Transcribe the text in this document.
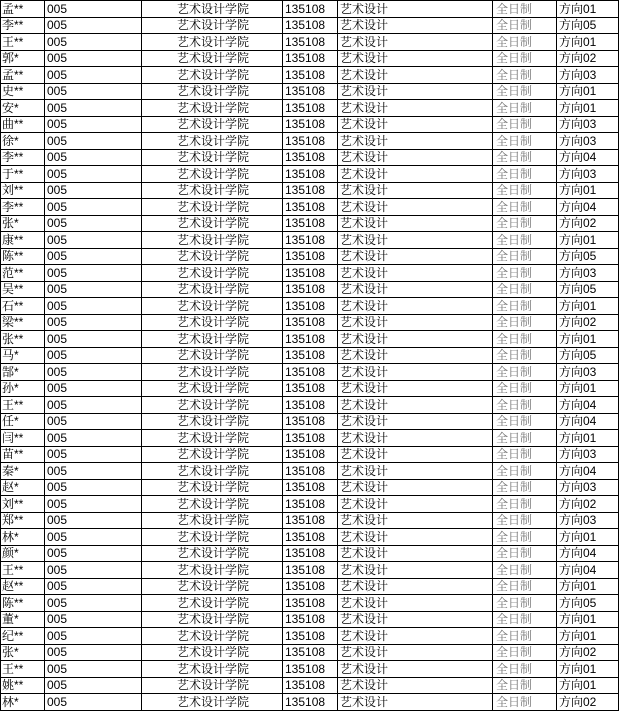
孟**	005	艺术设计学院	135108	艺术设计	全日制	方向01
李**	005	艺术设计学院	135108	艺术设计	全日制	方向05
王**	005	艺术设计学院	135108	艺术设计	全日制	方向01
郭*	005	艺术设计学院	135108	艺术设计	全日制	方向02
孟**	005	艺术设计学院	135108	艺术设计	全日制	方向03
史**	005	艺术设计学院	135108	艺术设计	全日制	方向01
安*	005	艺术设计学院	135108	艺术设计	全日制	方向01
曲**	005	艺术设计学院	135108	艺术设计	全日制	方向03
徐*	005	艺术设计学院	135108	艺术设计	全日制	方向03
李**	005	艺术设计学院	135108	艺术设计	全日制	方向04
于**	005	艺术设计学院	135108	艺术设计	全日制	方向03
刘**	005	艺术设计学院	135108	艺术设计	全日制	方向01
李**	005	艺术设计学院	135108	艺术设计	全日制	方向04
张*	005	艺术设计学院	135108	艺术设计	全日制	方向02
康**	005	艺术设计学院	135108	艺术设计	全日制	方向01
陈**	005	艺术设计学院	135108	艺术设计	全日制	方向05
范**	005	艺术设计学院	135108	艺术设计	全日制	方向03
吴**	005	艺术设计学院	135108	艺术设计	全日制	方向05
石**	005	艺术设计学院	135108	艺术设计	全日制	方向01
梁**	005	艺术设计学院	135108	艺术设计	全日制	方向02
张**	005	艺术设计学院	135108	艺术设计	全日制	方向01
马*	005	艺术设计学院	135108	艺术设计	全日制	方向05
郜*	005	艺术设计学院	135108	艺术设计	全日制	方向03
孙*	005	艺术设计学院	135108	艺术设计	全日制	方向01
王**	005	艺术设计学院	135108	艺术设计	全日制	方向04
任*	005	艺术设计学院	135108	艺术设计	全日制	方向04
闫**	005	艺术设计学院	135108	艺术设计	全日制	方向01
苗**	005	艺术设计学院	135108	艺术设计	全日制	方向03
秦*	005	艺术设计学院	135108	艺术设计	全日制	方向04
赵*	005	艺术设计学院	135108	艺术设计	全日制	方向03
刘**	005	艺术设计学院	135108	艺术设计	全日制	方向02
郑**	005	艺术设计学院	135108	艺术设计	全日制	方向03
林*	005	艺术设计学院	135108	艺术设计	全日制	方向01
颜*	005	艺术设计学院	135108	艺术设计	全日制	方向04
王**	005	艺术设计学院	135108	艺术设计	全日制	方向04
赵**	005	艺术设计学院	135108	艺术设计	全日制	方向01
陈**	005	艺术设计学院	135108	艺术设计	全日制	方向05
董*	005	艺术设计学院	135108	艺术设计	全日制	方向01
纪**	005	艺术设计学院	135108	艺术设计	全日制	方向01
张*	005	艺术设计学院	135108	艺术设计	全日制	方向02
王**	005	艺术设计学院	135108	艺术设计	全日制	方向01
姚**	005	艺术设计学院	135108	艺术设计	全日制	方向01
林*	005	艺术设计学院	135108	艺术设计	全日制	方向02
